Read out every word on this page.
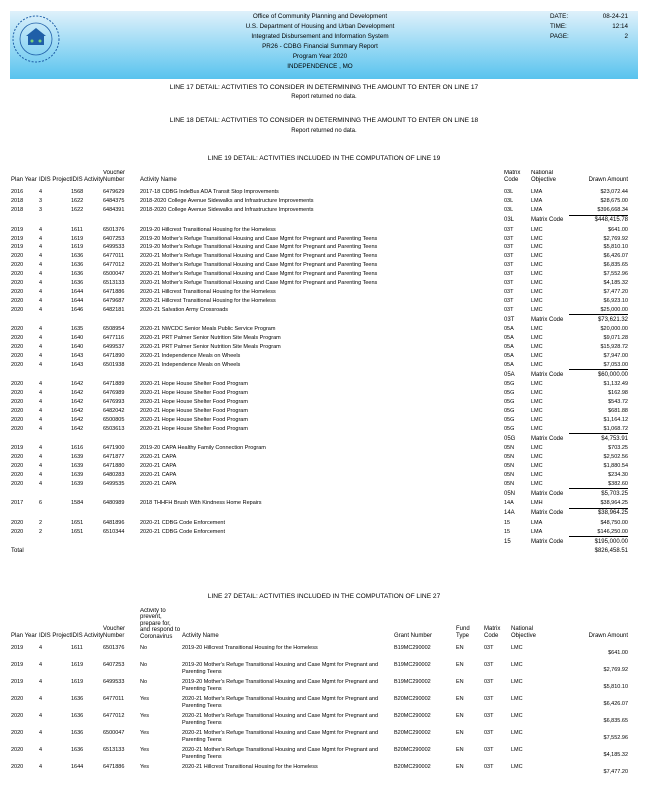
Office of Community Planning and Development
U.S. Department of Housing and Urban Development
Integrated Disbursement and Information System
PR26 - CDBG Financial Summary Report
Program Year 2020
INDEPENDENCE , MO
DATE:	08-24-21
TIME:	12:14
PAGE:	2
LINE 17 DETAIL: ACTIVITIES TO CONSIDER IN DETERMINING THE AMOUNT TO ENTER ON LINE 17
Report returned no data.
LINE 18 DETAIL: ACTIVITIES TO CONSIDER IN DETERMINING THE AMOUNT TO ENTER ON LINE 18
Report returned no data.
LINE 19 DETAIL: ACTIVITIES INCLUDED IN THE COMPUTATION OF LINE 19
Plan Year	IDIS Project	IDIS Activity	Voucher Number	Activity Name	Matrix Code	National Objective	Drawn Amount

2016	4	1568	6479629	2017-18 CDBG IndeBus ADA Transit Stop Improvements	03L	LMA	$23,072.44
2018	3	1622	6484375	2018-2020 College Avenue Sidewalks and Infrastructure Improvements	03L	LMA	$28,675.00
2018	3	1622	6484391	2018-2020 College Avenue Sidewalks and Infrastructure Improvements	03L	LMA	$396,668.34
					03L	Matrix Code	$448,415.78
2019	4	1611	6501376	2019-20 Hillcrest Transitional Housing for the Homeless	03T	LMC	$641.00
2019	4	1619	6407253	2019-20 Mother's Refuge Transitional Housing and Case Mgmt for Pregnant and Parenting Teens	03T	LMC	$2,769.92
2019	4	1619	6499533	2019-20 Mother's Refuge Transitional Housing and Case Mgmt for Pregnant and Parenting Teens	03T	LMC	$5,810.10
2020	4	1636	6477011	2020-21 Mother's Refuge Transitional Housing and Case Mgmt for Pregnant and Parenting Teens	03T	LMC	$6,426.07
2020	4	1636	6477012	2020-21 Mother's Refuge Transitional Housing and Case Mgmt for Pregnant and Parenting Teens	03T	LMC	$6,835.65
2020	4	1636	6500047	2020-21 Mother's Refuge Transitional Housing and Case Mgmt for Pregnant and Parenting Teens	03T	LMC	$7,552.96
2020	4	1636	6513133	2020-21 Mother's Refuge Transitional Housing and Case Mgmt for Pregnant and Parenting Teens	03T	LMC	$4,185.32
2020	4	1644	6471886	2020-21 Hillcrest Transitional Housing for the Homeless	03T	LMC	$7,477.20
2020	4	1644	6479687	2020-21 Hillcrest Transitional Housing for the Homeless	03T	LMC	$6,923.10
2020	4	1646	6482181	2020-21 Salvation Army Crossroads	03T	LMC	$25,000.00
					03T	Matrix Code	$73,621.32
2020	4	1635	6508954	2020-21 NWCDC Senior Meals Public Service Program	05A	LMC	$20,000.00
2020	4	1640	6477116	2020-21 PRT Palmer Senior Nutrition Site Meals Program	05A	LMC	$9,071.28
2020	4	1640	6499537	2020-21 PRT Palmer Senior Nutrition Site Meals Program	05A	LMC	$15,928.72
2020	4	1643	6471890	2020-21 Independence Meals on Wheels	05A	LMC	$7,947.00
2020	4	1643	6501938	2020-21 Independence Meals on Wheels	05A	LMC	$7,053.00
					05A	Matrix Code	$60,000.00
2020	4	1642	6471889	2020-21 Hope House Shelter Food Program	05G	LMC	$1,132.49
2020	4	1642	6476989	2020-21 Hope House Shelter Food Program	05G	LMC	$162.98
2020	4	1642	6476993	2020-21 Hope House Shelter Food Program	05G	LMC	$543.72
2020	4	1642	6482042	2020-21 Hope House Shelter Food Program	05G	LMC	$681.88
2020	4	1642	6500805	2020-21 Hope House Shelter Food Program	05G	LMC	$1,164.12
2020	4	1642	6503613	2020-21 Hope House Shelter Food Program	05G	LMC	$1,068.72
					05G	Matrix Code	$4,753.91
2019	4	1616	6471900	2019-20 CAPA Healthy Family Connection Program	05N	LMC	$703.25
2020	4	1639	6471877	2020-21 CAPA	05N	LMC	$2,502.56
2020	4	1639	6471880	2020-21 CAPA	05N	LMC	$1,880.54
2020	4	1639	6480283	2020-21 CAPA	05N	LMC	$234.30
2020	4	1639	6499535	2020-21 CAPA	05N	LMC	$382.60
					05N	Matrix Code	$5,703.25
2017	6	1584	6480989	2018 THHFH Brush With Kindness Home Repairs	14A	LMH	$38,964.25
					14A	Matrix Code	$38,964.25
2020	2	1651	6481896	2020-21 CDBG Code Enforcement	15	LMA	$48,750.00
2020	2	1651	6510344	2020-21 CDBG Code Enforcement	15	LMA	$146,250.00
					15	Matrix Code	$195,000.00
Total							$826,458.51
LINE 27 DETAIL: ACTIVITIES INCLUDED IN THE COMPUTATION OF LINE 27
Plan Year	IDIS Project	IDIS Activity	Voucher Number	Activity to prevent, prepare for, and respond to Coronavirus	Activity Name	Grant Number	Fund Type	Matrix Code	National Objective	Drawn Amount

2019	4	1611	6501376	No	2019-20 Hillcrest Transitional Housing for the Homeless	B19MC290002	EN	03T	LMC	$641.00
2019	4	1619	6407253	No	2019-20 Mother's Refuge Transitional Housing and Case Mgmt for Pregnant and Parenting Teens	B19MC290002	EN	03T	LMC	$2,769.92
2019	4	1619	6499533	No	2019-20 Mother's Refuge Transitional Housing and Case Mgmt for Pregnant and Parenting Teens	B19MC290002	EN	03T	LMC	$5,810.10
2020	4	1636	6477011	Yes	2020-21 Mother's Refuge Transitional Housing and Case Mgmt for Pregnant and Parenting Teens	B20MC290002	EN	03T	LMC	$6,426.07
2020	4	1636	6477012	Yes	2020-21 Mother's Refuge Transitional Housing and Case Mgmt for Pregnant and Parenting Teens	B20MC290002	EN	03T	LMC	$6,835.65
2020	4	1636	6500047	Yes	2020-21 Mother's Refuge Transitional Housing and Case Mgmt for Pregnant and Parenting Teens	B20MC290002	EN	03T	LMC	$7,552.96
2020	4	1636	6513133	Yes	2020-21 Mother's Refuge Transitional Housing and Case Mgmt for Pregnant and Parenting Teens	B20MC290002	EN	03T	LMC	$4,185.32
2020	4	1644	6471886	Yes	2020-21 Hillcrest Transitional Housing for the Homeless	B20MC290002	EN	03T	LMC	$7,477.20
